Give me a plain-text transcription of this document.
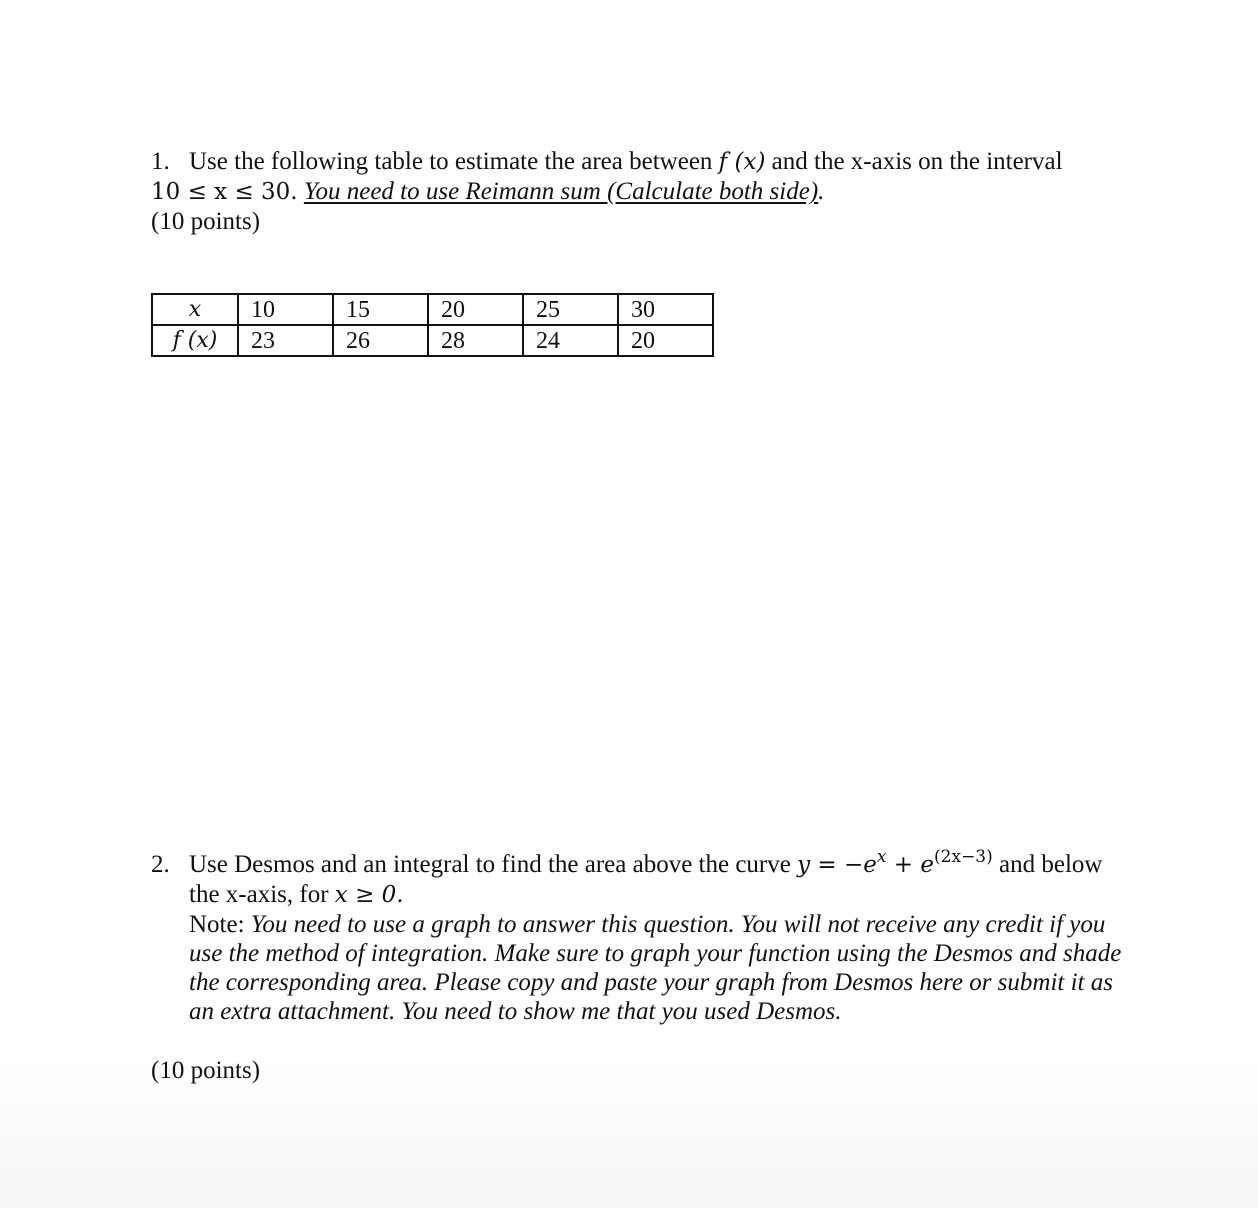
1. Use the following table to estimate the area between f (x) and the x-axis on the interval
10 ≤ x ≤ 30. You need to use Reimann sum (Calculate both side).
(10 points)
x	10	15	20	25	30
f (x)	23	26	28	24	20
2. Use Desmos and an integral to find the area above the curve $y = -e^x + e^{(2x-3)}$ and below
the x-axis, for x ≥ 0.
Note: You need to use a graph to answer this question. You will not receive any credit if you
use the method of integration. Make sure to graph your function using the Desmos and shade
the corresponding area. Please copy and paste your graph from Desmos here or submit it as
an extra attachment. You need to show me that you used Desmos.
(10 points)
